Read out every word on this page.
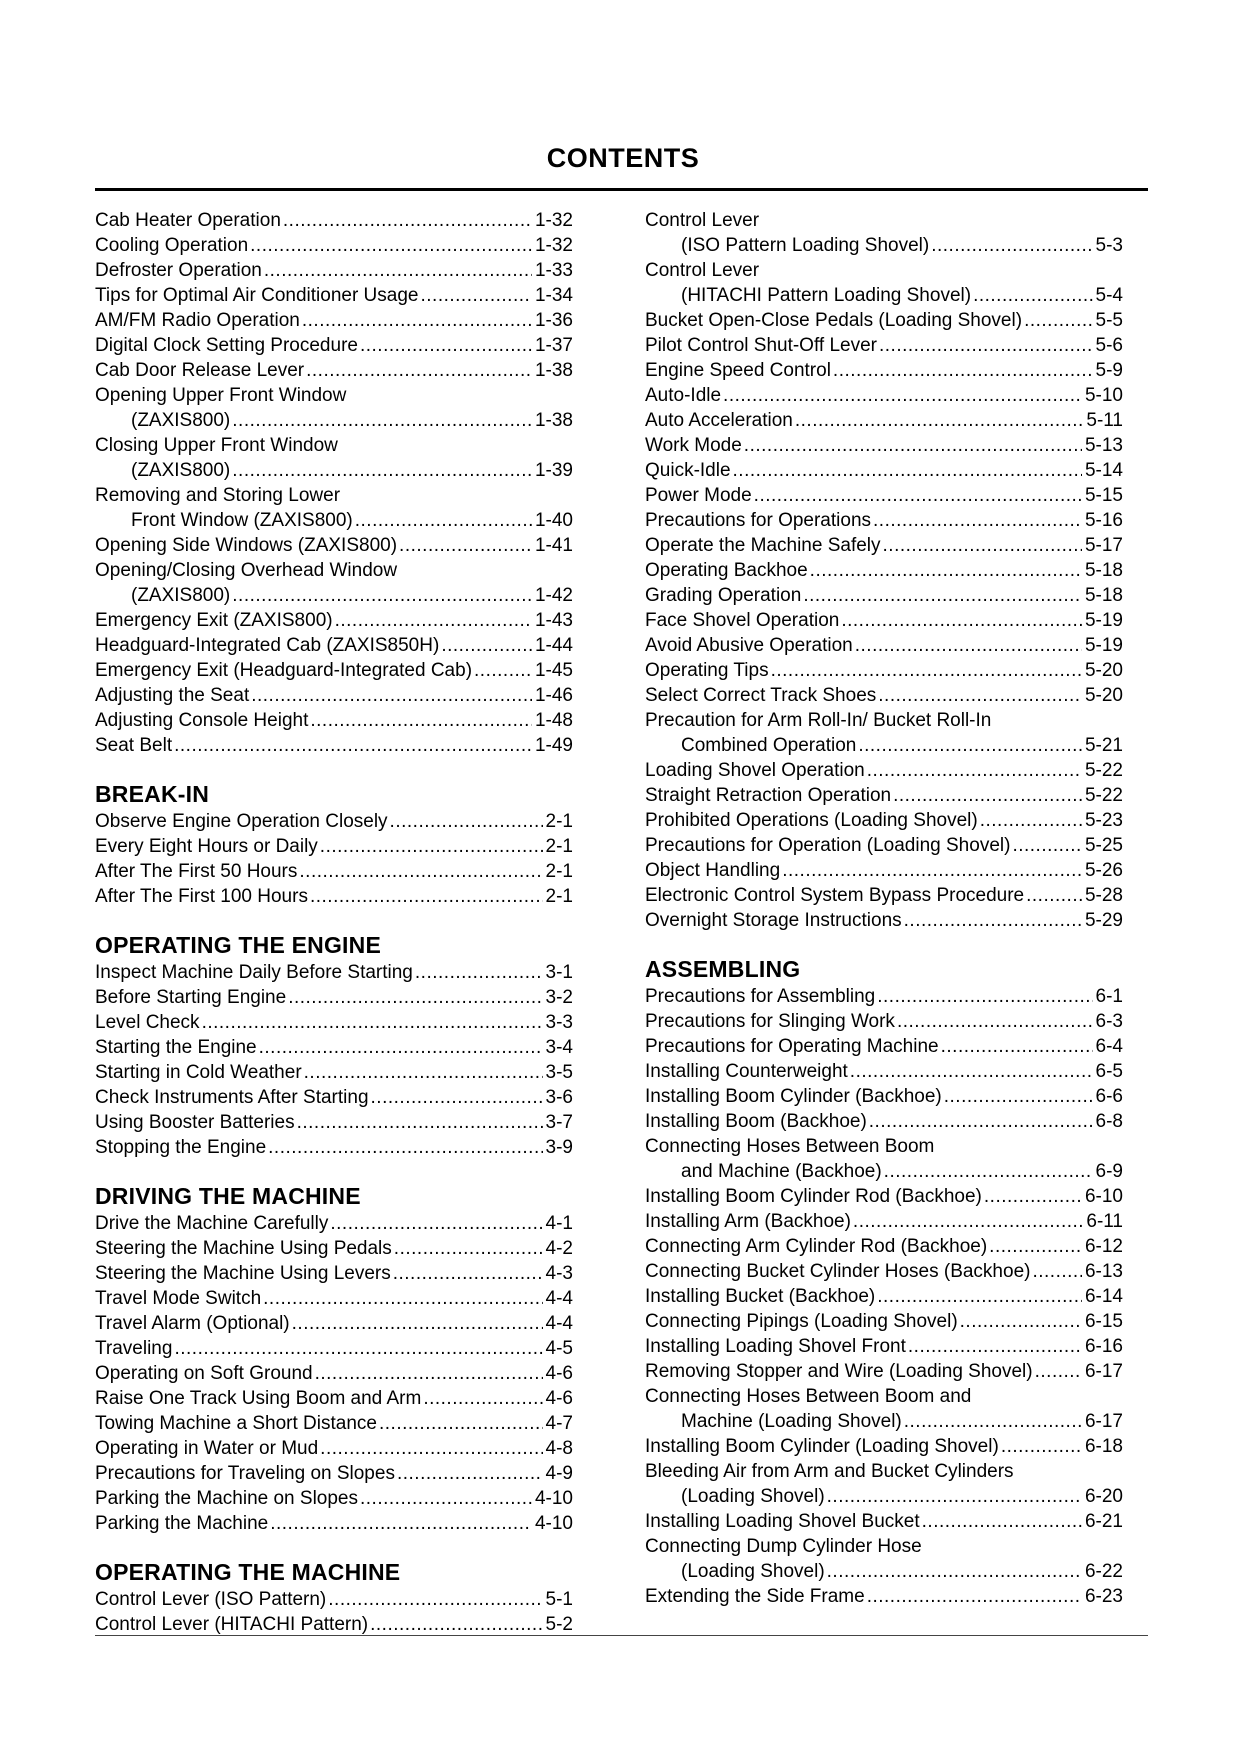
CONTENTS
Cab Heater Operation .....	1-32
Cooling Operation .....	1-32
Defroster Operation .....	1-33
Tips for Optimal Air Conditioner Usage .....	1-34
AM/FM Radio Operation .....	1-36
Digital Clock Setting Procedure .....	1-37
Cab Door Release Lever .....	1-38
Opening Upper Front Window
(ZAXIS800) .....	1-38
Closing Upper Front Window
(ZAXIS800) .....	1-39
Removing and Storing Lower
Front Window (ZAXIS800) .....	1-40
Opening Side Windows (ZAXIS800) .....	1-41
Opening/Closing Overhead Window
(ZAXIS800) .....	1-42
Emergency Exit (ZAXIS800) .....	1-43
Headguard-Integrated Cab (ZAXIS850H) .....	1-44
Emergency Exit (Headguard-Integrated Cab) .....	1-45
Adjusting the Seat .....	1-46
Adjusting Console Height .....	1-48
Seat Belt .....	1-49
BREAK-IN
Observe Engine Operation Closely .....	2-1
Every Eight Hours or Daily .....	2-1
After The First 50 Hours .....	2-1
After The First 100 Hours .....	2-1
OPERATING THE ENGINE
Inspect Machine Daily Before Starting .....	3-1
Before Starting Engine .....	3-2
Level Check .....	3-3
Starting the Engine .....	3-4
Starting in Cold Weather .....	3-5
Check Instruments After Starting .....	3-6
Using Booster Batteries .....	3-7
Stopping the Engine .....	3-9
DRIVING THE MACHINE
Drive the Machine Carefully .....	4-1
Steering the Machine Using Pedals .....	4-2
Steering the Machine Using Levers .....	4-3
Travel Mode Switch .....	4-4
Travel Alarm (Optional) .....	4-4
Traveling .....	4-5
Operating on Soft Ground .....	4-6
Raise One Track Using Boom and Arm .....	4-6
Towing Machine a Short Distance .....	4-7
Operating in Water or Mud .....	4-8
Precautions for Traveling on Slopes .....	4-9
Parking the Machine on Slopes .....	4-10
Parking the Machine .....	4-10
OPERATING THE MACHINE
Control Lever (ISO Pattern) .....	5-1
Control Lever (HITACHI Pattern) .....	5-2
Control Lever
(ISO Pattern Loading Shovel) .....	5-3
Control Lever
(HITACHI Pattern Loading Shovel) .....	5-4
Bucket Open-Close Pedals (Loading Shovel) .....	5-5
Pilot Control Shut-Off Lever .....	5-6
Engine Speed Control .....	5-9
Auto-Idle .....	5-10
Auto Acceleration .....	5-11
Work Mode .....	5-13
Quick-Idle .....	5-14
Power Mode .....	5-15
Precautions for Operations .....	5-16
Operate the Machine Safely .....	5-17
Operating Backhoe .....	5-18
Grading Operation .....	5-18
Face Shovel Operation .....	5-19
Avoid Abusive Operation .....	5-19
Operating Tips .....	5-20
Select Correct Track Shoes .....	5-20
Precaution for Arm Roll-In/ Bucket Roll-In
Combined Operation .....	5-21
Loading Shovel Operation .....	5-22
Straight Retraction Operation .....	5-22
Prohibited Operations (Loading Shovel) .....	5-23
Precautions for Operation (Loading Shovel) .....	5-25
Object Handling .....	5-26
Electronic Control System Bypass Procedure .....	5-28
Overnight Storage Instructions .....	5-29
ASSEMBLING
Precautions for Assembling .....	6-1
Precautions for Slinging Work .....	6-3
Precautions for Operating Machine .....	6-4
Installing Counterweight .....	6-5
Installing Boom Cylinder (Backhoe) .....	6-6
Installing Boom (Backhoe) .....	6-8
Connecting Hoses Between Boom
and Machine (Backhoe) .....	6-9
Installing Boom Cylinder Rod (Backhoe) .....	6-10
Installing Arm (Backhoe) .....	6-11
Connecting Arm Cylinder Rod (Backhoe) .....	6-12
Connecting Bucket Cylinder Hoses (Backhoe) .....	6-13
Installing Bucket (Backhoe) .....	6-14
Connecting Pipings (Loading Shovel) .....	6-15
Installing Loading Shovel Front .....	6-16
Removing Stopper and Wire (Loading Shovel) .....	6-17
Connecting Hoses Between Boom and
Machine (Loading Shovel) .....	6-17
Installing Boom Cylinder (Loading Shovel) .....	6-18
Bleeding Air from Arm and Bucket Cylinders
(Loading Shovel) .....	6-20
Installing Loading Shovel Bucket .....	6-21
Connecting Dump Cylinder Hose
(Loading Shovel) .....	6-22
Extending the Side Frame .....	6-23
